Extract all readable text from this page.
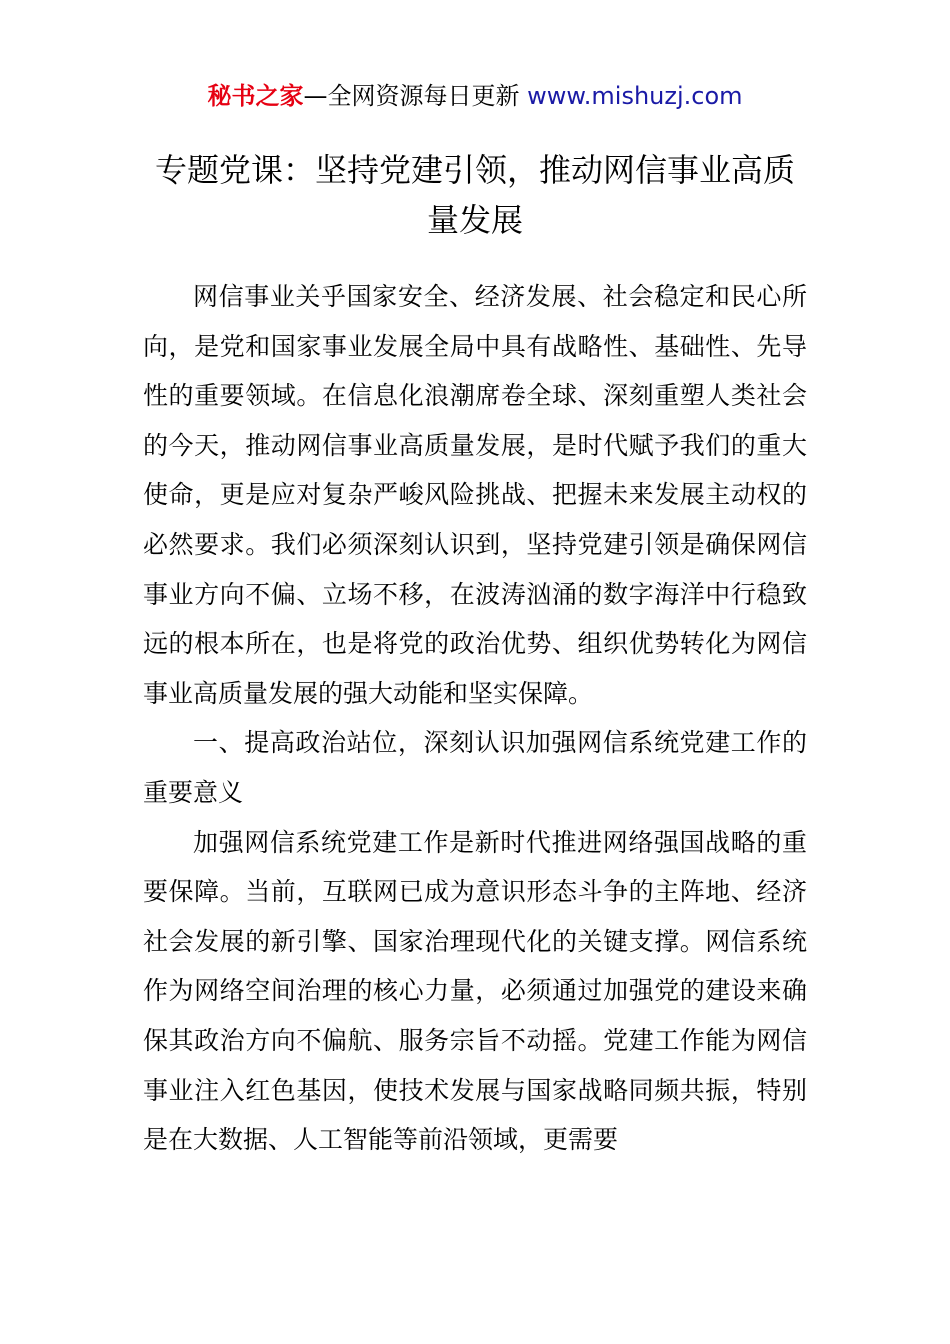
秘书之家—全网资源每日更新 www.mishuzj.com
专题党课：坚持党建引领，推动网信事业高质
量发展

网信事业关乎国家安全、经济发展、社会稳定和民心所向，是党和国家事业发展全局中具有战略性、基础性、先导性的重要领域。在信息化浪潮席卷全球、深刻重塑人类社会的今天，推动网信事业高质量发展，是时代赋予我们的重大使命，更是应对复杂严峻风险挑战、把握未来发展主动权的必然要求。我们必须深刻认识到，坚持党建引领是确保网信事业方向不偏、立场不移，在波涛汹涌的数字海洋中行稳致远的根本所在，也是将党的政治优势、组织优势转化为网信事业高质量发展的强大动能和坚实保障。

一、提高政治站位，深刻认识加强网信系统党建工作的重要意义

加强网信系统党建工作是新时代推进网络强国战略的重要保障。当前，互联网已成为意识形态斗争的主阵地、经济社会发展的新引擎、国家治理现代化的关键支撑。网信系统作为网络空间治理的核心力量，必须通过加强党的建设来确保其政治方向不偏航、服务宗旨不动摇。党建工作能为网信事业注入红色基因，使技术发展与国家战略同频共振，特别是在大数据、人工智能等前沿领域，更需要
